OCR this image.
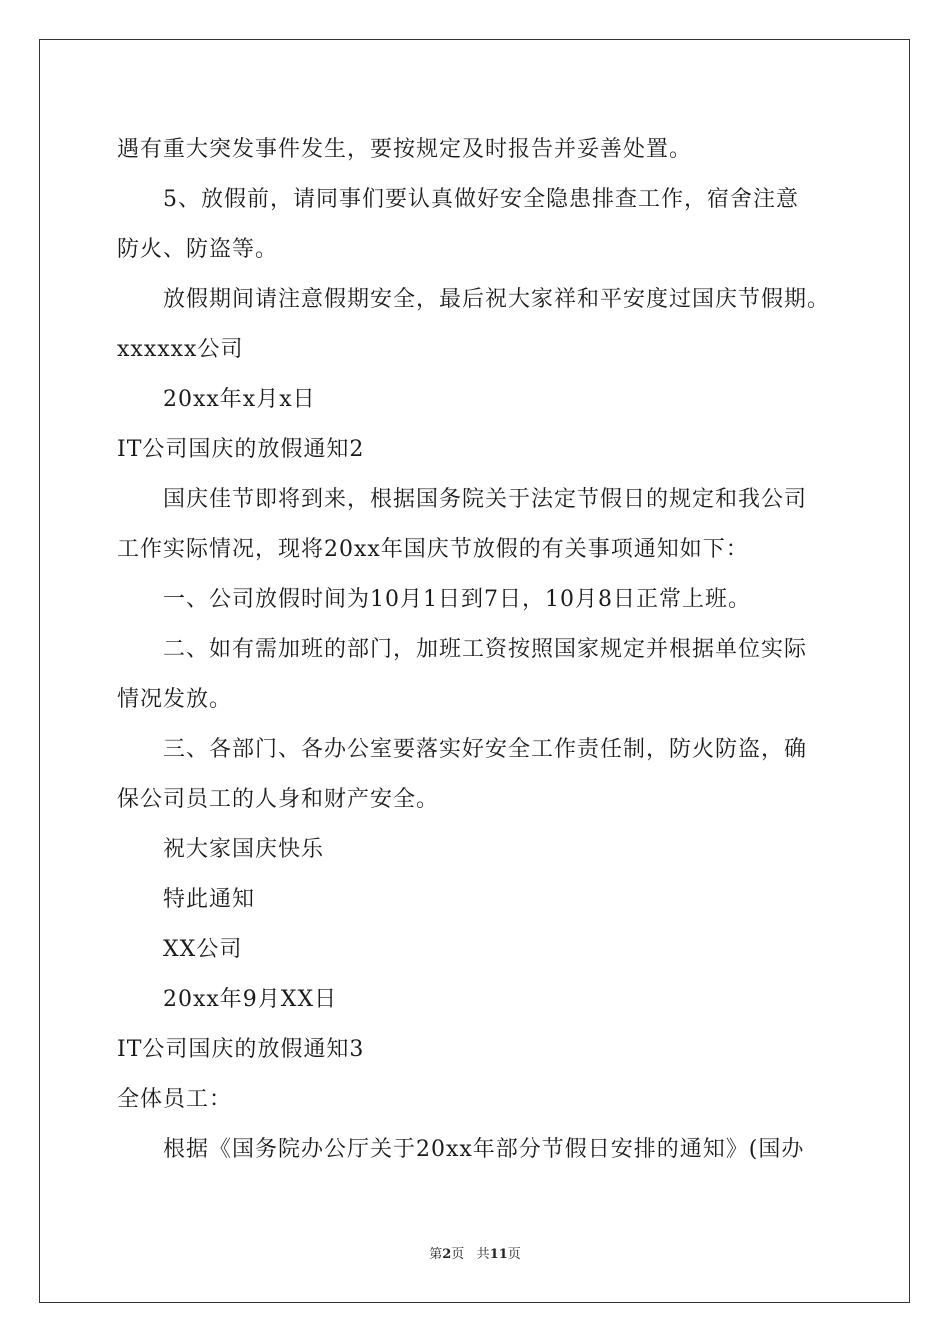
遇有重大突发事件发生，要按规定及时报告并妥善处置。
5、放假前，请同事们要认真做好安全隐患排查工作，宿舍注意
防火、防盗等。
放假期间请注意假期安全，最后祝大家祥和平安度过国庆节假期。
xxxxxx公司
20xx年x月x日
IT公司国庆的放假通知2
国庆佳节即将到来，根据国务院关于法定节假日的规定和我公司
工作实际情况，现将20xx年国庆节放假的有关事项通知如下：
一、公司放假时间为10月1日到7日，10月8日正常上班。
二、如有需加班的部门，加班工资按照国家规定并根据单位实际
情况发放。
三、各部门、各办公室要落实好安全工作责任制，防火防盗，确
保公司员工的人身和财产安全。
祝大家国庆快乐
特此通知
XX公司
20xx年9月XX日
IT公司国庆的放假通知3
全体员工：
根据《国务院办公厅关于20xx年部分节假日安排的通知》(国办
第2页 共11页
